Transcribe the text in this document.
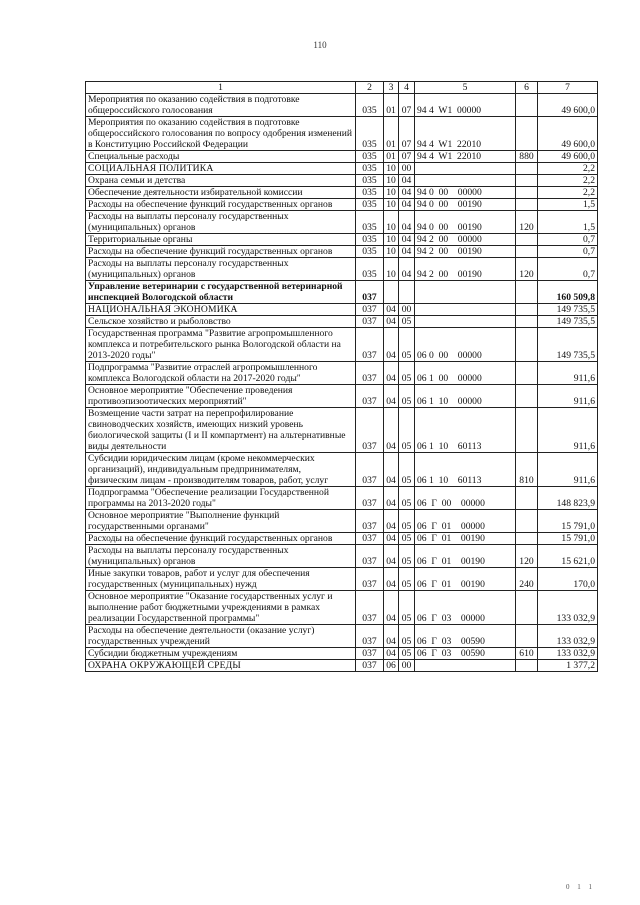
110
1	2	3	4	5	6	7
Мероприятия по оказанию содействия в подготовке общероссийского голосования	035	01	07	94 4  W1  00000		49 600,0
Мероприятия по оказанию содействия в подготовке общероссийского голосования по вопросу одобрения изменений в Конституцию Российской Федерации	035	01	07	94 4  W1  22010		49 600,0
Специальные расходы	035	01	07	94 4  W1  22010	880	49 600,0
СОЦИАЛЬНАЯ ПОЛИТИКА	035	10	00			2,2
Охрана семьи и детства	035	10	04			2,2
Обеспечение деятельности избирательной комиссии	035	10	04	94 0  00    00000		2,2
Расходы на обеспечение функций государственных органов	035	10	04	94 0  00    00190		1,5
Расходы на выплаты персоналу государственных (муниципальных) органов	035	10	04	94 0  00    00190	120	1,5
Территориальные органы	035	10	04	94 2  00    00000		0,7
Расходы на обеспечение функций государственных органов	035	10	04	94 2  00    00190		0,7
Расходы на выплаты персоналу государственных (муниципальных) органов	035	10	04	94 2  00    00190	120	0,7
Управление ветеринарии с государственной ветеринарной инспекцией Вологодской области	037					160 509,8
НАЦИОНАЛЬНАЯ ЭКОНОМИКА	037	04	00			149 735,5
Сельское хозяйство и рыболовство	037	04	05			149 735,5
Государственная программа "Развитие агропромышленного комплекса и потребительского рынка Вологодской области на 2013-2020 годы"	037	04	05	06 0  00    00000		149 735,5
Подпрограмма "Развитие отраслей агропромышленного комплекса Вологодской области на 2017-2020 годы"	037	04	05	06 1  00    00000		911,6
Основное мероприятие "Обеспечение проведения противоэпизоотических мероприятий"	037	04	05	06 1  10    00000		911,6
Возмещение части затрат на перепрофилирование свиноводческих хозяйств, имеющих низкий уровень биологической защиты (I и II компартмент) на альтернативные виды деятельности	037	04	05	06 1  10    60113		911,6
Субсидии юридическим лицам (кроме некоммерческих организаций), индивидуальным предпринимателям, физическим лицам - производителям товаров, работ, услуг	037	04	05	06 1  10    60113	810	911,6
Подпрограмма "Обеспечение реализации Государственной программы на 2013-2020 годы"	037	04	05	06  Г  00    00000		148 823,9
Основное мероприятие "Выполнение функций государственными органами"	037	04	05	06  Г  01    00000		15 791,0
Расходы на обеспечение функций государственных органов	037	04	05	06  Г  01    00190		15 791,0
Расходы на выплаты персоналу государственных (муниципальных) органов	037	04	05	06  Г  01    00190	120	15 621,0
Иные закупки товаров, работ и услуг для обеспечения государственных (муниципальных) нужд	037	04	05	06  Г  01    00190	240	170,0
Основное мероприятие "Оказание государственных услуг и выполнение работ бюджетными учреждениями в рамках реализации Государственной программы"	037	04	05	06  Г  03    00000		133 032,9
Расходы на обеспечение деятельности (оказание услуг) государственных учреждений	037	04	05	06  Г  03    00590		133 032,9
Субсидии бюджетным учреждениям	037	04	05	06  Г  03    00590	610	133 032,9
ОХРАНА ОКРУЖАЮЩЕЙ СРЕДЫ	037	06	00			1 377,2
0 1 1
